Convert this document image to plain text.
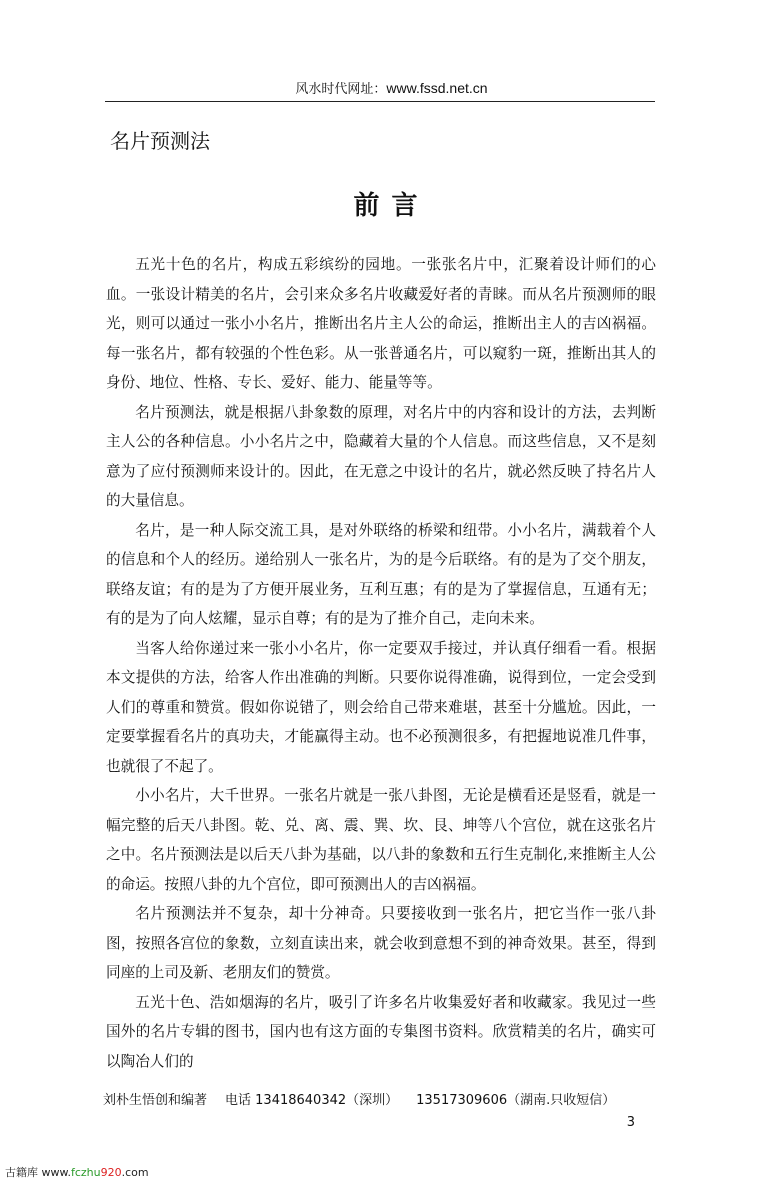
风水时代网址：www.fssd.net.cn
名片预测法
前言

五光十色的名片，构成五彩缤纷的园地。一张张名片中，汇聚着设计师们的心血。一张设计精美的名片，会引来众多名片收藏爱好者的青睐。而从名片预测师的眼光，则可以通过一张小小名片，推断出名片主人公的命运，推断出主人的吉凶祸福。每一张名片，都有较强的个性色彩。从一张普通名片，可以窥豹一斑，推断出其人的身份、地位、性格、专长、爱好、能力、能量等等。

名片预测法，就是根据八卦象数的原理，对名片中的内容和设计的方法，去判断主人公的各种信息。小小名片之中，隐藏着大量的个人信息。而这些信息，又不是刻意为了应付预测师来设计的。因此，在无意之中设计的名片，就必然反映了持名片人的大量信息。

名片，是一种人际交流工具，是对外联络的桥梁和纽带。小小名片，满载着个人的信息和个人的经历。递给别人一张名片，为的是今后联络。有的是为了交个朋友，联络友谊；有的是为了方便开展业务，互利互惠；有的是为了掌握信息，互通有无；有的是为了向人炫耀，显示自尊；有的是为了推介自己，走向未来。

当客人给你递过来一张小小名片，你一定要双手接过，并认真仔细看一看。根据本文提供的方法，给客人作出准确的判断。只要你说得准确，说得到位，一定会受到人们的尊重和赞赏。假如你说错了，则会给自己带来难堪，甚至十分尴尬。因此，一定要掌握看名片的真功夫，才能赢得主动。也不必预测很多，有把握地说准几件事，也就很了不起了。

小小名片，大千世界。一张名片就是一张八卦图，无论是横看还是竖看，就是一幅完整的后天八卦图。乾、兑、离、震、巽、坎、艮、坤等八个宫位，就在这张名片之中。名片预测法是以后天八卦为基础，以八卦的象数和五行生克制化,来推断主人公的命运。按照八卦的九个宫位，即可预测出人的吉凶祸福。

名片预测法并不复杂，却十分神奇。只要接收到一张名片，把它当作一张八卦图，按照各宫位的象数，立刻直读出来，就会收到意想不到的神奇效果。甚至，得到同座的上司及新、老朋友们的赞赏。

五光十色、浩如烟海的名片，吸引了许多名片收集爱好者和收藏家。我见过一些国外的名片专辑的图书，国内也有这方面的专集图书资料。欣赏精美的名片，确实可以陶冶人们的

刘朴生悟创和编著 电话 13418640342（深圳） 13517309606（湖南.只收短信）
3
古籍库 www.fczhu920.com
